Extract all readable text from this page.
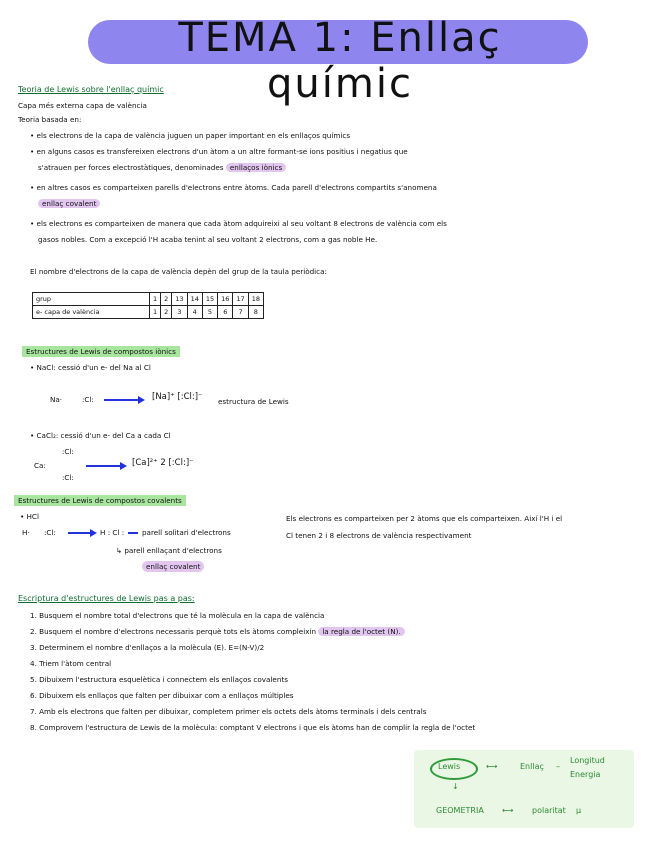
TEMA 1: Enllaç químic
Teoria de Lewis sobre l'enllaç químic
Capa més externa capa de valència
Teoria basada en:
• els electrons de la capa de valència juguen un paper important en els enllaços químics
• en alguns casos es transfereixen electrons d'un àtom a un altre formant-se ions positius i negatius que
s'atrauen per forces electrostàtiques, denominades enllaços iònics
• en altres casos es comparteixen parells d'electrons entre àtoms. Cada parell d'electrons compartits s'anomena
enllaç covalent
• els electrons es comparteixen de manera que cada àtom adquireixi al seu voltant 8 electrons de valència com els
gasos nobles. Com a excepció l'H acaba tenint al seu voltant 2 electrons, com a gas noble He.
El nombre d'electrons de la capa de valència depèn del grup de la taula periòdica:
grup	1	2	13	14	15	16	17	18
e- capa de valència	1	2	3	4	5	6	7	8
Estructures de Lewis de compostos iònics
• NaCl: cessió d'un e- del Na al Cl
Na·	:Cl:	[Na]⁺ [:Cl:]⁻ estructura de Lewis
• CaCl₂: cessió d'un e- del Ca a cada Cl
Ca:
:Cl:
:Cl:
[Ca]²⁺ 2 [:Cl:]⁻
Estructures de Lewis de compostos covalents
• HCl
H· :Cl:	H : Cl : parell solitari d'electrons
↳ parell enllaçant d'electrons
enllaç covalent
Els electrons es comparteixen per 2 àtoms que els comparteixen. Així l'H i el
Cl tenen 2 i 8 electrons de valència respectivament
Escriptura d'estructures de Lewis pas a pas:
1. Busquem el nombre total d'electrons que té la molècula en la capa de valència
2. Busquem el nombre d'electrons necessaris perquè tots els àtoms compleixin la regla de l'octet (N).
3. Determinem el nombre d'enllaços a la molècula (E). E=(N-V)/2
4. Triem l'àtom central
5. Dibuixem l'estructura esquelètica i connectem els enllaços covalents
6. Dibuixem els enllaços que falten per dibuixar com a enllaços múltiples
7. Amb els electrons que falten per dibuixar, completem primer els octets dels àtoms terminals i dels centrals
8. Comprovem l'estructura de Lewis de la molècula: comptant V electrons i que els àtoms han de complir la regla de l'octet
Lewis	⟷	Enllaç –
Longitud
Energia
↓
GEOMETRIA ⟷ polaritat μ
